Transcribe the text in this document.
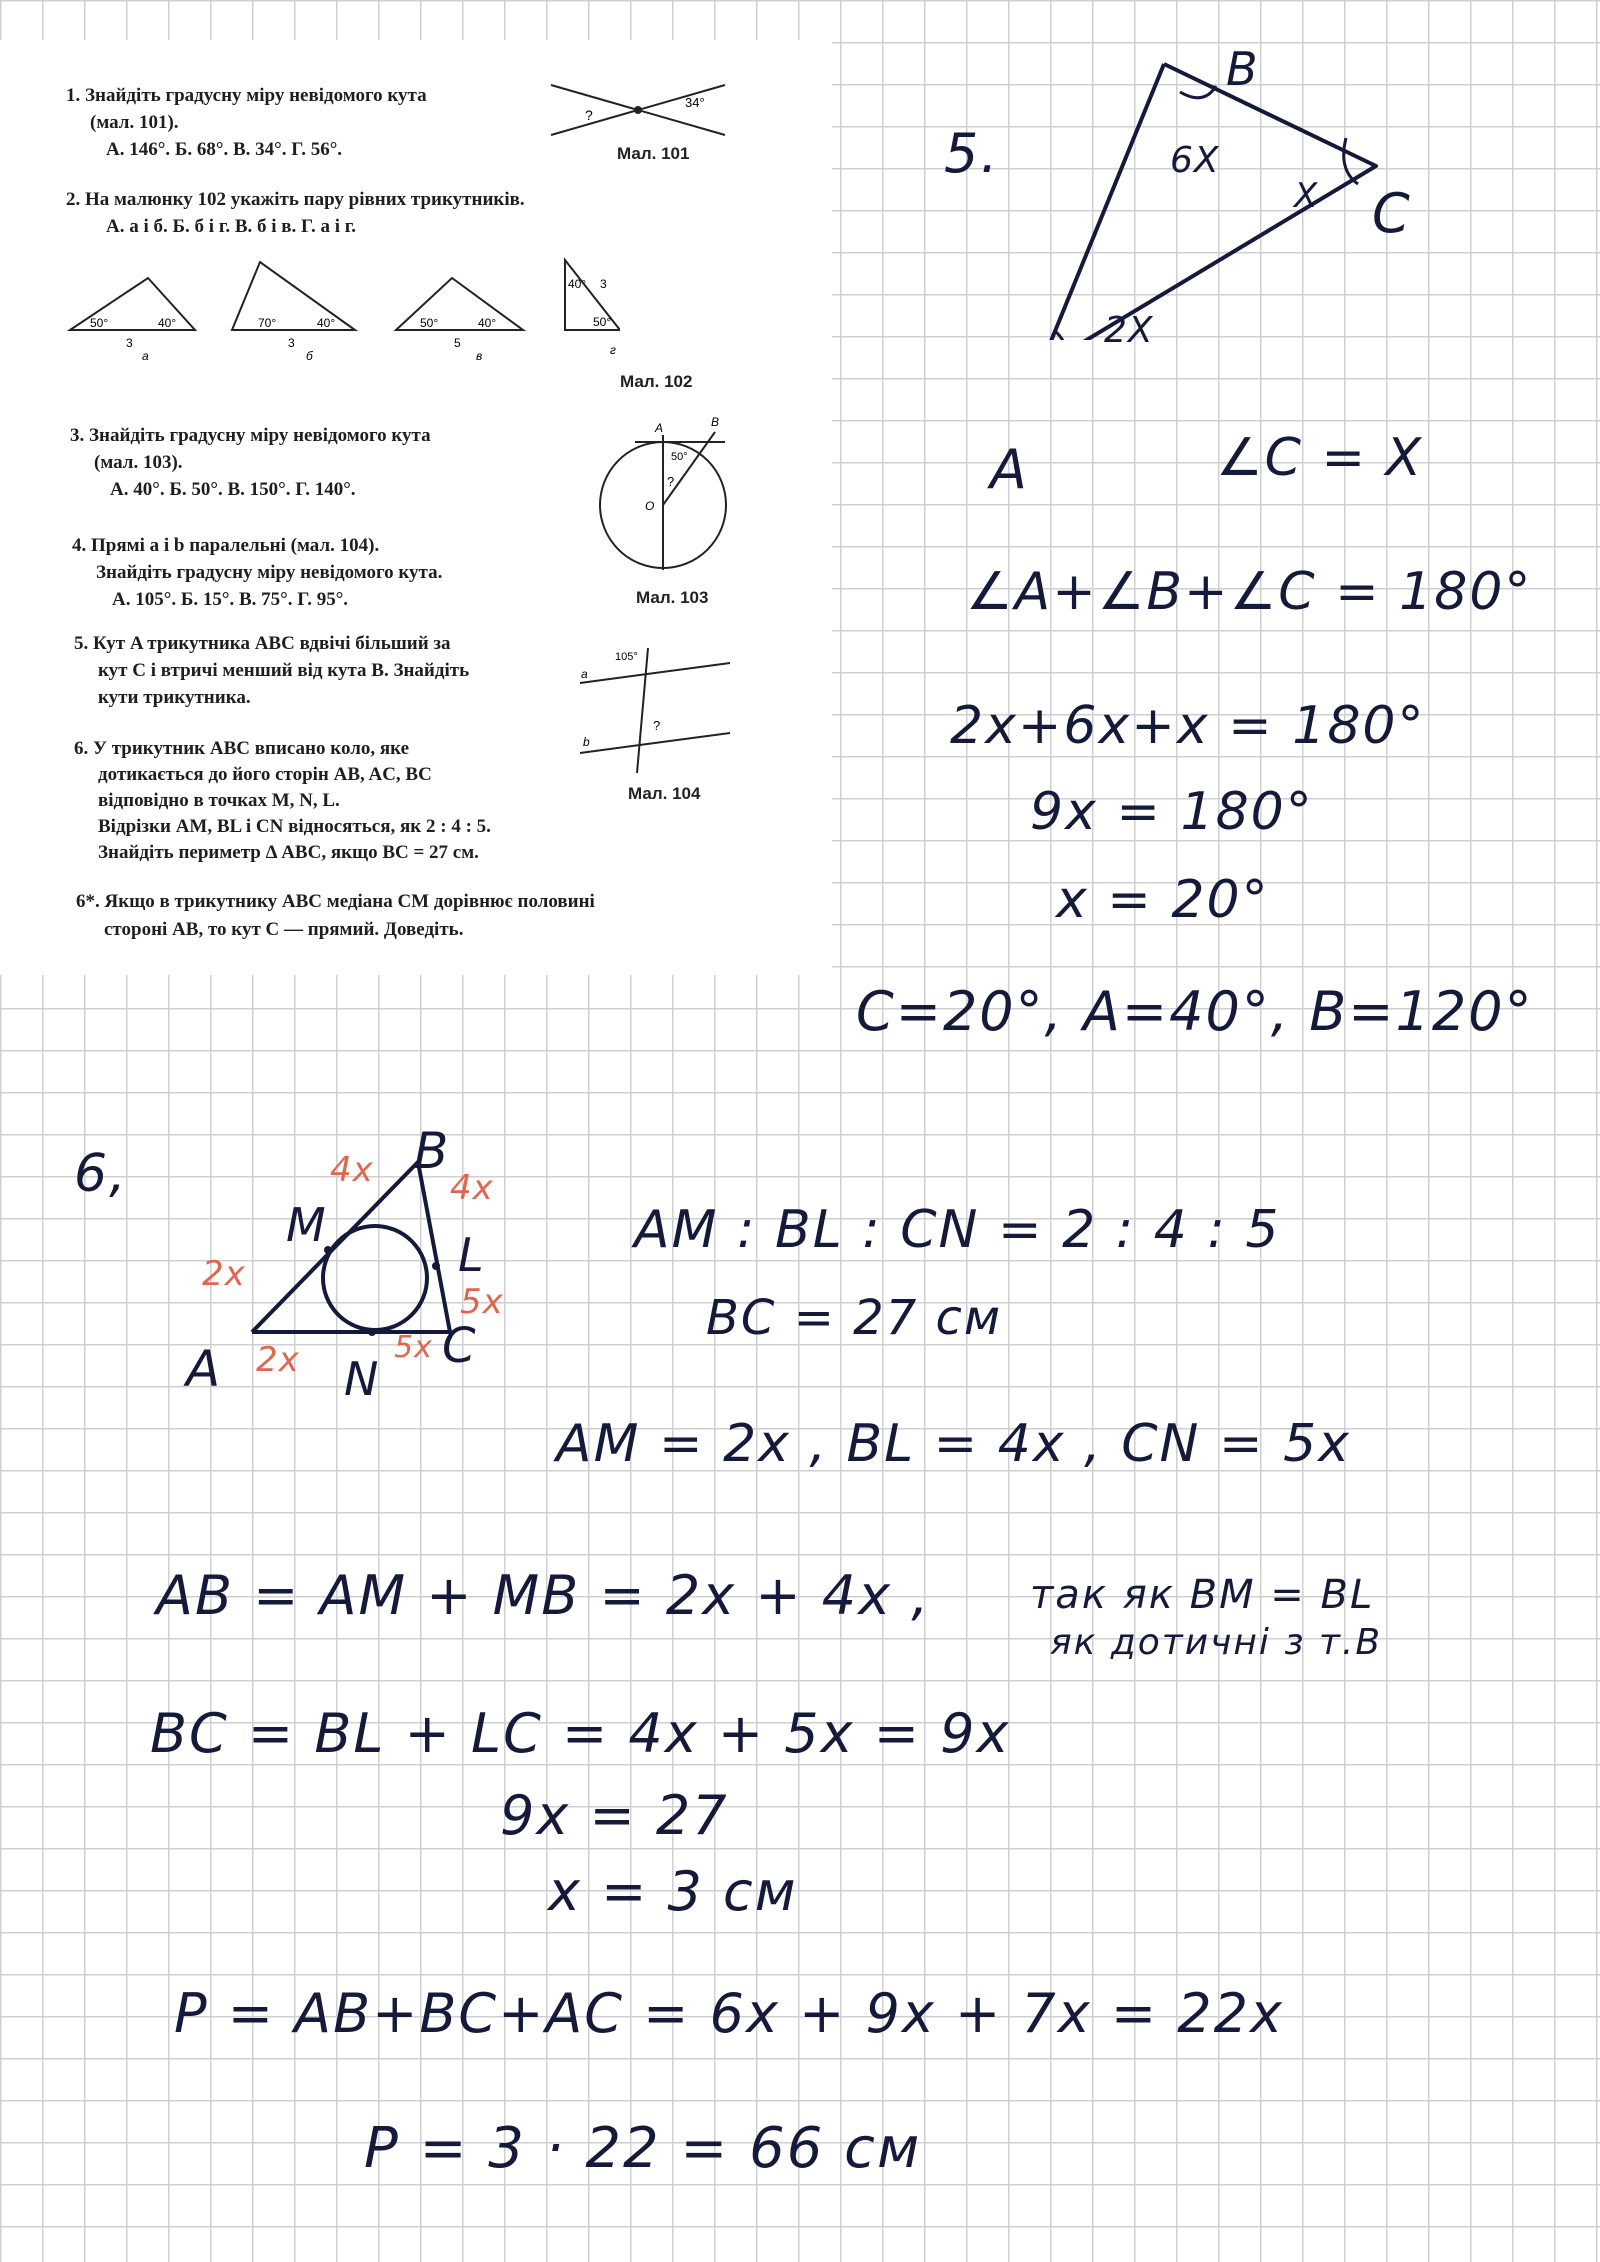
1. Знайдіть градусну міру невідомого кута
(мал. 101).
А. 146°. Б. 68°. В. 34°. Г. 56°.
?
34°
Мал. 101
2. На малюнку 102 укажіть пару рівних трикутників.
А. а і б. Б. б і г. В. б і в. Г. а і г.
50°	40°
3
а
70°	40°
3
б
50°	40°
5
в
40°
50°
3
г
Мал. 102
3. Знайдіть градусну міру невідомого кута
(мал. 103).
А. 40°. Б. 50°. В. 150°. Г. 140°.
A	B
50°
?
O
Мал. 103
4. Прямі a і b паралельні (мал. 104).
Знайдіть градусну міру невідомого кута.
А. 105°. Б. 15°. В. 75°. Г. 95°.
5. Кут A трикутника ABC вдвічі більший за
кут C і втричі менший від кута B. Знайдіть
кути трикутника.
105°
a
b
?
Мал. 104
6. У трикутник ABC вписано коло, яке
дотикається до його сторін AB, AC, BC
відповідно в точках M, N, L.
Відрізки AM, BL і CN відносяться, як 2 : 4 : 5.
Знайдіть периметр Δ ABC, якщо BC = 27 см.
6*. Якщо в трикутнику ABC медіана CM дорівнює половині
стороні AB, то кут C — прямий. Доведіть.
5.
B
C
A
6X
X
2X
∠C = X
∠A+∠B+∠C = 180°
2x+6x+x = 180°
9x = 180°
x = 20°
C=20°, A=40°, B=120°
6,
A
B
C
M
N
L
2x
4x 4x
5x
2x	5x
AM : BL : CN = 2 : 4 : 5
BC = 27 см
AM = 2x , BL = 4x , CN = 5x
AB = AM + MB = 2x + 4x , так як BM = BL
як дотичні з т.B
BC = BL + LC = 4x + 5x = 9x
9x = 27
x = 3 см
P = AB+BC+AC = 6x + 9x + 7x = 22x
P = 3 · 22 = 66 см
